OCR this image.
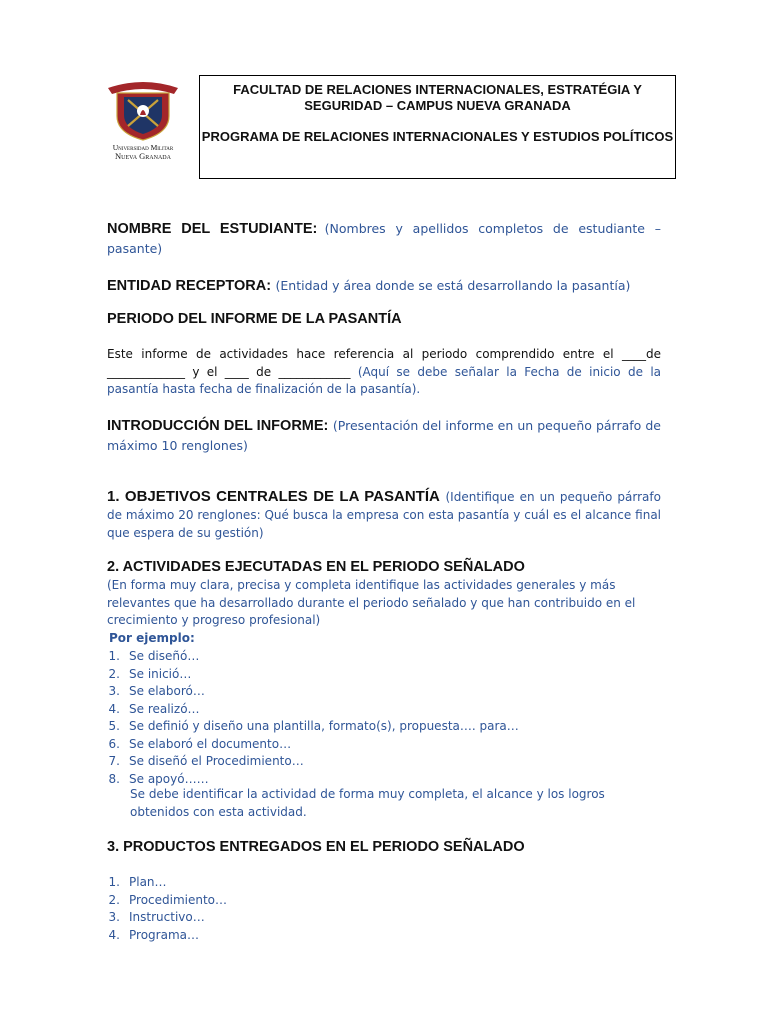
Universidad Militar
Nueva Granada

FACULTAD DE RELACIONES INTERNACIONALES, ESTRATÉGIA Y SEGURIDAD – CAMPUS NUEVA GRANADA

PROGRAMA DE RELACIONES INTERNACIONALES Y ESTUDIOS POLÍTICOS

NOMBRE DEL ESTUDIANTE: (Nombres y apellidos completos de estudiante – pasante)
ENTIDAD RECEPTORA: (Entidad y área donde se está desarrollando la pasantía)
PERIODO DEL INFORME DE LA PASANTÍA
Este informe de actividades hace referencia al periodo comprendido entre el ____de _____________ y el ____ de ____________ (Aquí se debe señalar la Fecha de inicio de la pasantía hasta fecha de finalización de la pasantía).
INTRODUCCIÓN DEL INFORME: (Presentación del informe en un pequeño párrafo de máximo 10 renglones)
1. OBJETIVOS CENTRALES DE LA PASANTÍA (Identifique en un pequeño párrafo de máximo 20 renglones: Qué busca la empresa con esta pasantía y cuál es el alcance final que espera de su gestión)
2. ACTIVIDADES EJECUTADAS EN EL PERIODO SEÑALADO
(En forma muy clara, precisa y completa identifique las actividades generales y más relevantes que ha desarrollado durante el periodo señalado y que han contribuido en el crecimiento y progreso profesional)
Por ejemplo:
1. Se diseñó…
2. Se inició…
3. Se elaboró…
4. Se realizó…
5. Se definió y diseño una plantilla, formato(s), propuesta…. para…
6. Se elaboró el documento…
7. Se diseñó el Procedimiento…
8. Se apoyó……
Se debe identificar la actividad de forma muy completa, el alcance y los logros obtenidos con esta actividad.
3. PRODUCTOS ENTREGADOS EN EL PERIODO SEÑALADO
1. Plan…
2. Procedimiento…
3. Instructivo…
4. Programa…
